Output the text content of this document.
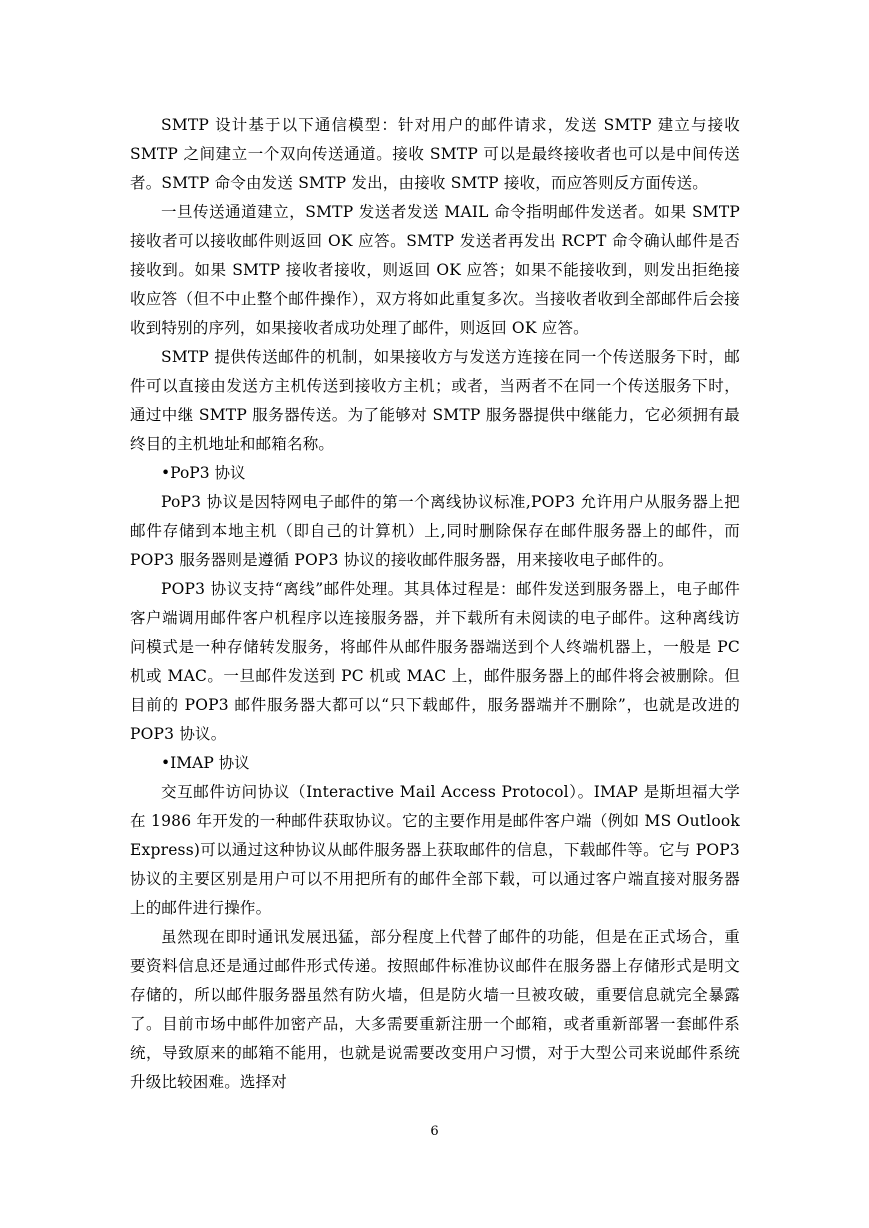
SMTP 设计基于以下通信模型：针对用户的邮件请求，发送 SMTP 建立与接收 SMTP 之间建立一个双向传送通道。接收 SMTP 可以是最终接收者也可以是中间传送者。SMTP 命令由发送 SMTP 发出，由接收 SMTP 接收，而应答则反方面传送。

一旦传送通道建立，SMTP 发送者发送 MAIL 命令指明邮件发送者。如果 SMTP 接收者可以接收邮件则返回 OK 应答。SMTP 发送者再发出 RCPT 命令确认邮件是否接收到。如果 SMTP 接收者接收，则返回 OK 应答；如果不能接收到，则发出拒绝接收应答（但不中止整个邮件操作），双方将如此重复多次。当接收者收到全部邮件后会接收到特别的序列，如果接收者成功处理了邮件，则返回 OK 应答。

SMTP 提供传送邮件的机制，如果接收方与发送方连接在同一个传送服务下时，邮件可以直接由发送方主机传送到接收方主机；或者，当两者不在同一个传送服务下时，通过中继 SMTP 服务器传送。为了能够对 SMTP 服务器提供中继能力，它必须拥有最终目的主机地址和邮箱名称。

•PoP3 协议

PoP3 协议是因特网电子邮件的第一个离线协议标准,POP3 允许用户从服务器上把邮件存储到本地主机（即自己的计算机）上,同时删除保存在邮件服务器上的邮件，而 POP3 服务器则是遵循 POP3 协议的接收邮件服务器，用来接收电子邮件的。

POP3 协议支持“离线”邮件处理。其具体过程是：邮件发送到服务器上，电子邮件客户端调用邮件客户机程序以连接服务器，并下载所有未阅读的电子邮件。这种离线访问模式是一种存储转发服务，将邮件从邮件服务器端送到个人终端机器上，一般是 PC 机或 MAC。一旦邮件发送到 PC 机或 MAC 上，邮件服务器上的邮件将会被删除。但目前的 POP3 邮件服务器大都可以“只下载邮件，服务器端并不删除”，也就是改进的 POP3 协议。

•IMAP 协议

交互邮件访问协议（Interactive Mail Access Protocol）。IMAP 是斯坦福大学在 1986 年开发的一种邮件获取协议。它的主要作用是邮件客户端（例如 MS Outlook Express)可以通过这种协议从邮件服务器上获取邮件的信息，下载邮件等。它与 POP3 协议的主要区别是用户可以不用把所有的邮件全部下载，可以通过客户端直接对服务器上的邮件进行操作。

虽然现在即时通讯发展迅猛，部分程度上代替了邮件的功能，但是在正式场合，重要资料信息还是通过邮件形式传递。按照邮件标准协议邮件在服务器上存储形式是明文存储的，所以邮件服务器虽然有防火墙，但是防火墙一旦被攻破，重要信息就完全暴露了。目前市场中邮件加密产品，大多需要重新注册一个邮箱，或者重新部署一套邮件系统，导致原来的邮箱不能用，也就是说需要改变用户习惯，对于大型公司来说邮件系统升级比较困难。选择对

6
